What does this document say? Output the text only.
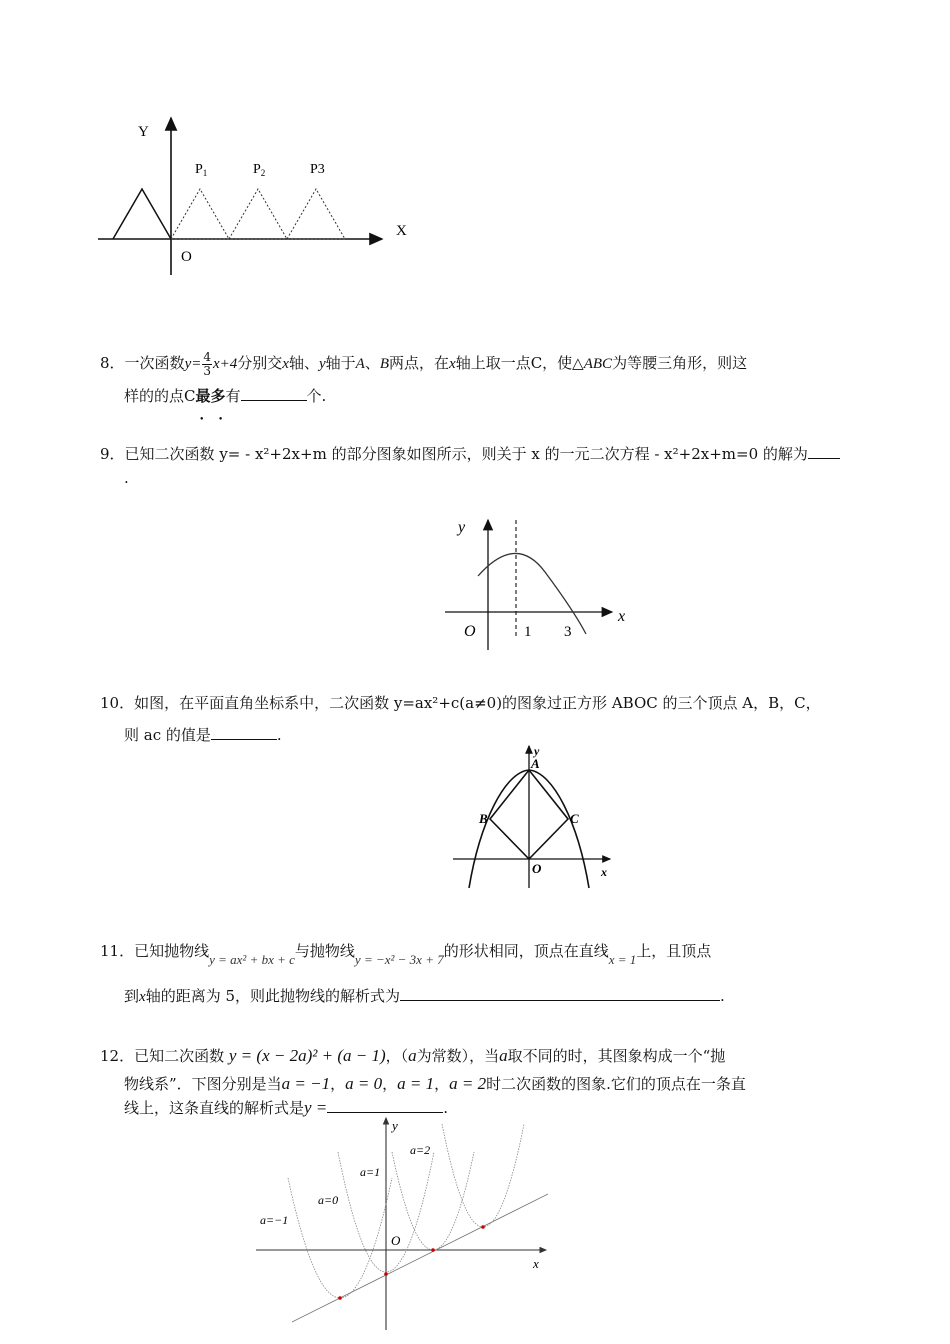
Y
X
O
$P_1$	$P_2$	P3
8．一次函数$y= \frac{4}{3} x+4$分别交x轴、y轴于A、B两点，在x轴上取一点C，使△ABC为等腰三角形，则这
样的的点C最多 • •有	个.
9．已知二次函数 y= - x²+2x+m 的部分图象如图所示，则关于 x 的一元二次方程 - x²+2x+m=0 的解为
.
y
x
O	1 3
10．如图，在平面直角坐标系中，二次函数 y=ax²+c(a≠0)的图象过正方形 ABOC 的三个顶点 A，B，C，
则 ac 的值是	.
y
x
A
B	C
O
11．已知抛物线y = ax² + bx + c与抛物线y = −x² − 3x + 7的形状相同，顶点在直线x = 1上，且顶点
到x轴的距离为 5，则此抛物线的解析式为	.
12．已知二次函数 y = (x − 2a)² + (a − 1)，（a为常数），当a取不同的时，其图象构成一个“抛
物线系”．下图分别是当a = −1，a = 0，a = 1，a = 2时二次函数的图象.它们的顶点在一条直
线上，这条直线的解析式是y =	.
y
x
O
a=−1
a=0
a=1
a=2
